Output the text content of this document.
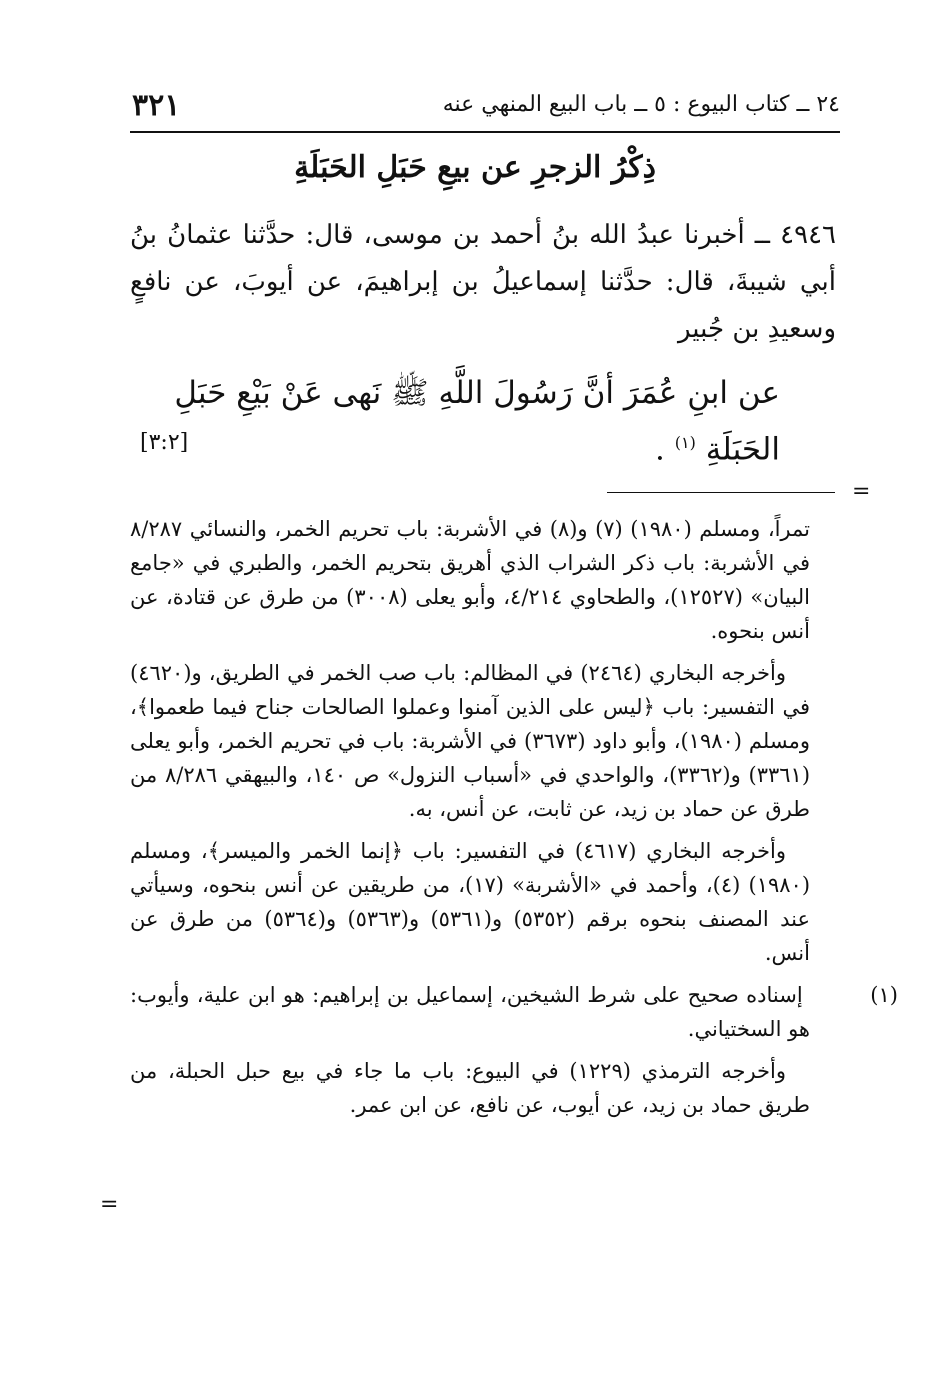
٢٤ ــ كتاب البيوع : ٥ ــ باب البيع المنهي عنه
٣٢١
ذِكْرُ الزجرِ عن بيعِ حَبَلِ الحَبَلَةِ

٤٩٤٦ ــ أخبرنا عبدُ الله بنُ أحمد بن موسى، قال: حدَّثنا عثمانُ بنُ أبي شيبةَ، قال: حدَّثنا إسماعيلُ بن إبراهيمَ، عن أيوبَ، عن نافعٍ وسعيدِ بن جُبير

عن ابنِ عُمَرَ أنَّ رَسُولَ اللَّهِ ﷺ نَهى عَنْ بَيْعِ حَبَلِ الحَبَلَةِ $^{(١)}$ .
[٣:٢]
=

تمراً، ومسلم (١٩٨٠) (٧) و(٨) في الأشربة: باب تحريم الخمر، والنسائي ٨/٢٨٧ في الأشربة: باب ذكر الشراب الذي أهريق بتحريم الخمر، والطبري في «جامع البيان» (١٢٥٢٧)، والطحاوي ٤/٢١٤، وأبو يعلى (٣٠٠٨) من طرق عن قتادة، عن أنس بنحوه.

وأخرجه البخاري (٢٤٦٤) في المظالم: باب صب الخمر في الطريق، و(٤٦٢٠) في التفسير: باب ﴿ليس على الذين آمنوا وعملوا الصالحات جناح فيما طعموا﴾، ومسلم (١٩٨٠)، وأبو داود (٣٦٧٣) في الأشربة: باب في تحريم الخمر، وأبو يعلى (٣٣٦١) و(٣٣٦٢)، والواحدي في «أسباب النزول» ص ١٤٠، والبيهقي ٨/٢٨٦ من طرق عن حماد بن زيد، عن ثابت، عن أنس، به.

وأخرجه البخاري (٤٦١٧) في التفسير: باب ﴿إنما الخمر والميسر﴾، ومسلم (١٩٨٠) (٤)، وأحمد في «الأشربة» (١٧)، من طريقين عن أنس بنحوه، وسيأتي عند المصنف بنحوه برقم (٥٣٥٢) و(٥٣٦١) و(٥٣٦٣) و(٥٣٦٤) من طرق عن أنس.

(١) إسناده صحيح على شرط الشيخين، إسماعيل بن إبراهيم: هو ابن علية، وأيوب: هو السختياني.

وأخرجه الترمذي (١٢٢٩) في البيوع: باب ما جاء في بيع حبل الحبلة، من طريق حماد بن زيد، عن أيوب، عن نافع، عن ابن عمر.

=
